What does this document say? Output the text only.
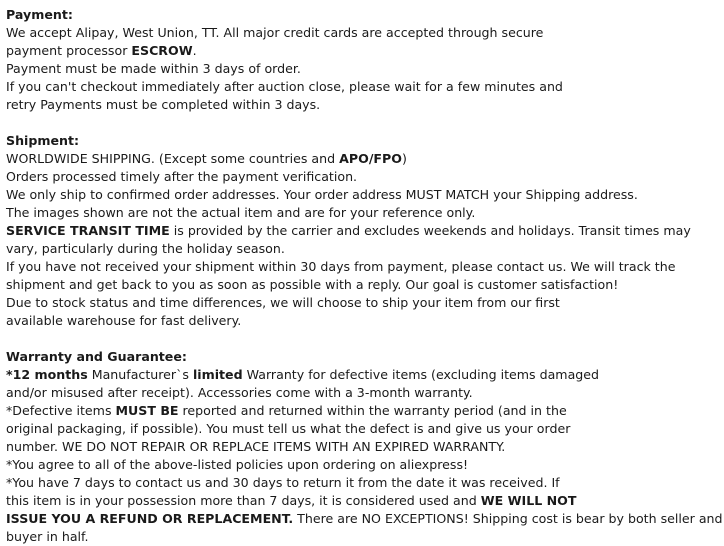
Payment:
We accept Alipay, West Union, TT. All major credit cards are accepted through secure
payment processor ESCROW.
Payment must be made within 3 days of order.
If you can't checkout immediately after auction close, please wait for a few minutes and
retry Payments must be completed within 3 days.
Shipment:
WORLDWIDE SHIPPING. (Except some countries and APO/FPO)
Orders processed timely after the payment verification.
We only ship to confirmed order addresses. Your order address MUST MATCH your Shipping address.
The images shown are not the actual item and are for your reference only.
SERVICE TRANSIT TIME is provided by the carrier and excludes weekends and holidays. Transit times may
vary, particularly during the holiday season.
If you have not received your shipment within 30 days from payment, please contact us. We will track the
shipment and get back to you as soon as possible with a reply. Our goal is customer satisfaction!
Due to stock status and time differences, we will choose to ship your item from our first
available warehouse for fast delivery.
Warranty and Guarantee:
*12 months Manufacturer`s limited Warranty for defective items (excluding items damaged
and/or misused after receipt). Accessories come with a 3-month warranty.
*Defective items MUST BE reported and returned within the warranty period (and in the
original packaging, if possible). You must tell us what the defect is and give us your order
number. WE DO NOT REPAIR OR REPLACE ITEMS WITH AN EXPIRED WARRANTY.
*You agree to all of the above-listed policies upon ordering on aliexpress!
*You have 7 days to contact us and 30 days to return it from the date it was received. If
this item is in your possession more than 7 days, it is considered used and WE WILL NOT
ISSUE YOU A REFUND OR REPLACEMENT. There are NO EXCEPTIONS! Shipping cost is bear by both seller and
buyer in half.
